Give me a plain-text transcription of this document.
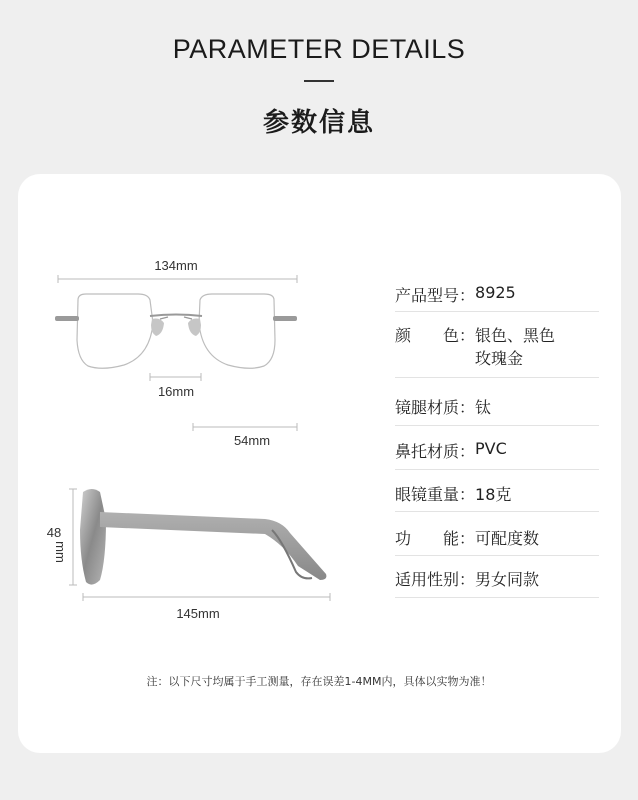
PARAMETER DETAILS
参数信息
134mm
16mm
54mm
48
mm
145mm
产品型号： 8925
颜　　色： 银色、黑色
玫瑰金
镜腿材质： 钛
鼻托材质： PVC
眼镜重量： 18克
功　　能： 可配度数
适用性别： 男女同款
注：以下尺寸均属于手工测量，存在误差1-4MM内，具体以实物为准！
